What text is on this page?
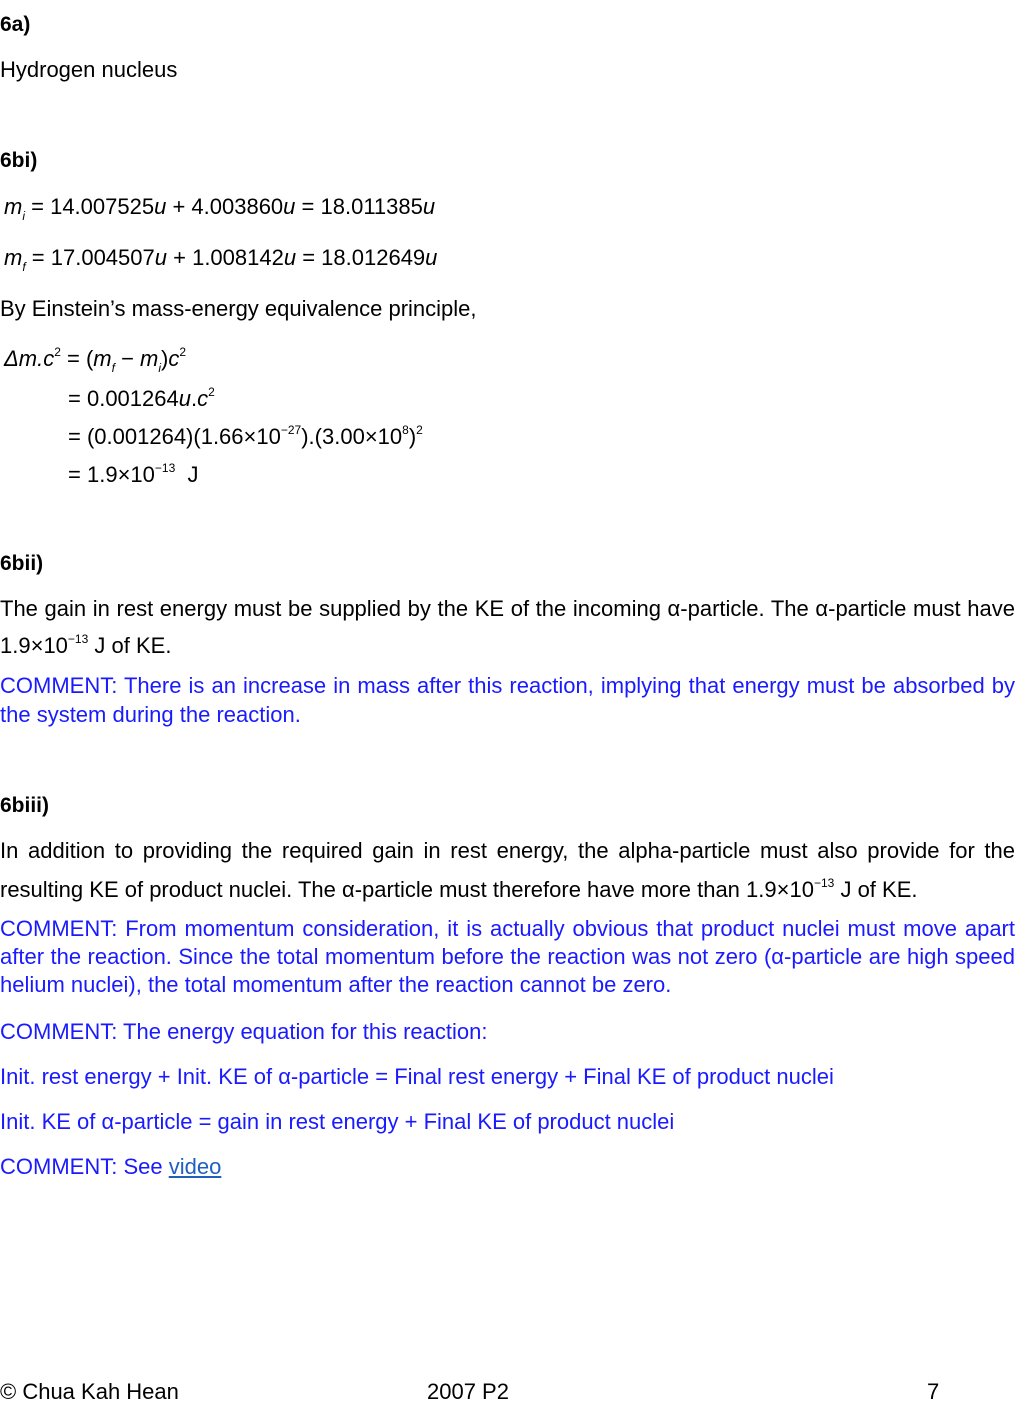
6a)
Hydrogen nucleus
6bi)
$m_i = 14.007525u + 4.003860u = 18.011385u$
$m_f = 17.004507u + 1.008142u = 18.012649u$
By Einstein’s mass-energy equivalence principle,
$\Delta m.c^2 = (m_f - m_i)c^2$
= $0.001264u.c^2$
= $(0.001264)(1.66\times 10^{-27}).(3.00\times 10^8)^2$
= $1.9\times 10^{-13}$ J
6bii)
The gain in rest energy must be supplied by the KE of the incoming α-particle. The α-particle must have $1.9\times 10^{-13}$ J of KE.
COMMENT: There is an increase in mass after this reaction, implying that energy must be absorbed by the system during the reaction.
6biii)
In addition to providing the required gain in rest energy, the alpha-particle must also provide for the resulting KE of product nuclei. The α-particle must therefore have more than $1.9\times 10^{-13}$ J of KE.
COMMENT: From momentum consideration, it is actually obvious that product nuclei must move apart after the reaction. Since the total momentum before the reaction was not zero (α-particle are high speed helium nuclei), the total momentum after the reaction cannot be zero.
COMMENT: The energy equation for this reaction:
Init. rest energy + Init. KE of α-particle = Final rest energy + Final KE of product nuclei
Init. KE of α-particle = gain in rest energy + Final KE of product nuclei
COMMENT: See video
© Chua Kah Hean	2007 P2	7
